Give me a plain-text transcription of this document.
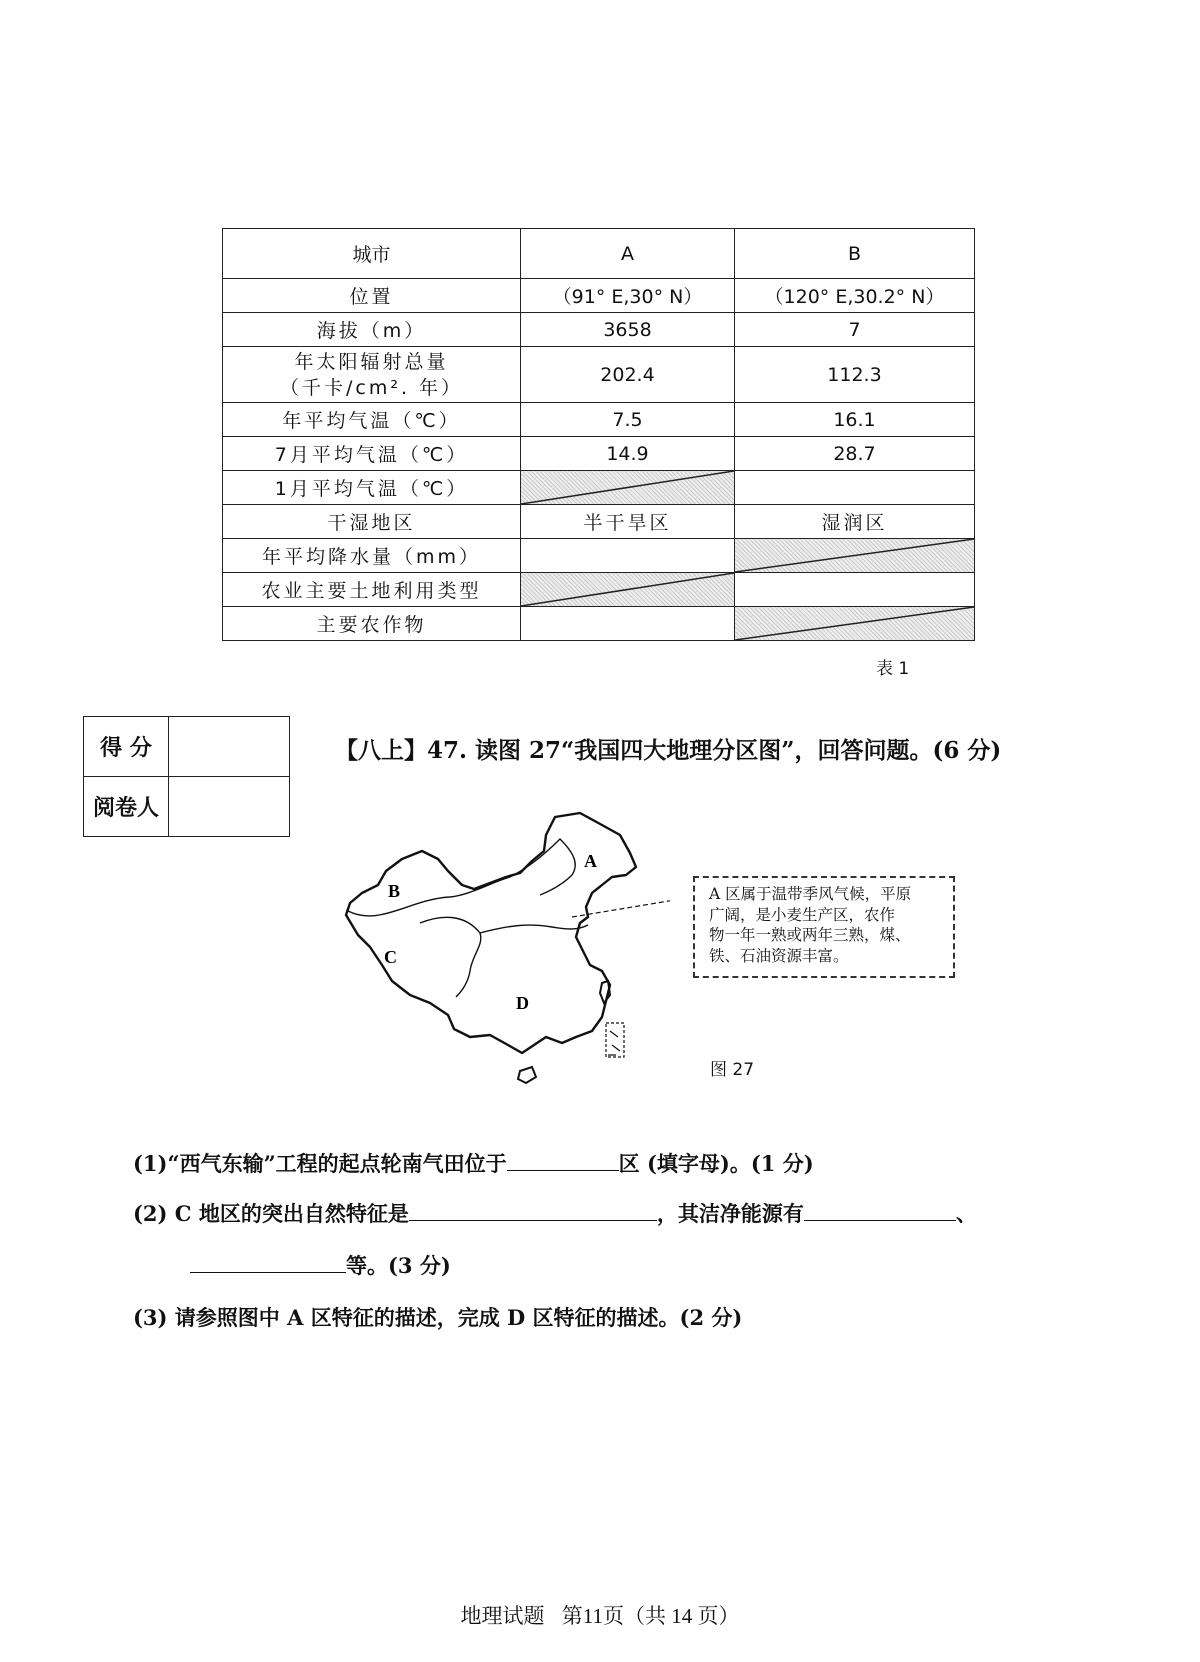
城市	A	B
位置	（91° E,30° N）	（120° E,30.2° N）
海拔（m）	3658	7

年太阳辐射总量
（千卡/cm². 年）	202.4	112.3
年平均气温（℃）	7.5	16.1
7月平均气温（℃）	14.9	28.7
1月平均气温（℃）	

干湿地区	半干旱区	湿润区
年平均降水量（mm）		

农业主要土地利用类型	

主要农作物		
表 1
得 分	
阅卷人	
【八上】47. 读图 27“我国四大地理分区图”，回答问题。(6 分)
A
B
C
D
A 区属于温带季风气候，平原
广阔，是小麦生产区，农作
物一年一熟或两年三熟，煤、
铁、石油资源丰富。
图 27
(1)“西气东输”工程的起点轮南气田位于	区 (填字母)。(1 分)
(2) C 地区的突出自然特征是	，其洁净能源有	、
等。(3 分)
(3) 请参照图中 A 区特征的描述，完成 D 区特征的描述。(2 分)
地理试题 第11页（共 14 页）
